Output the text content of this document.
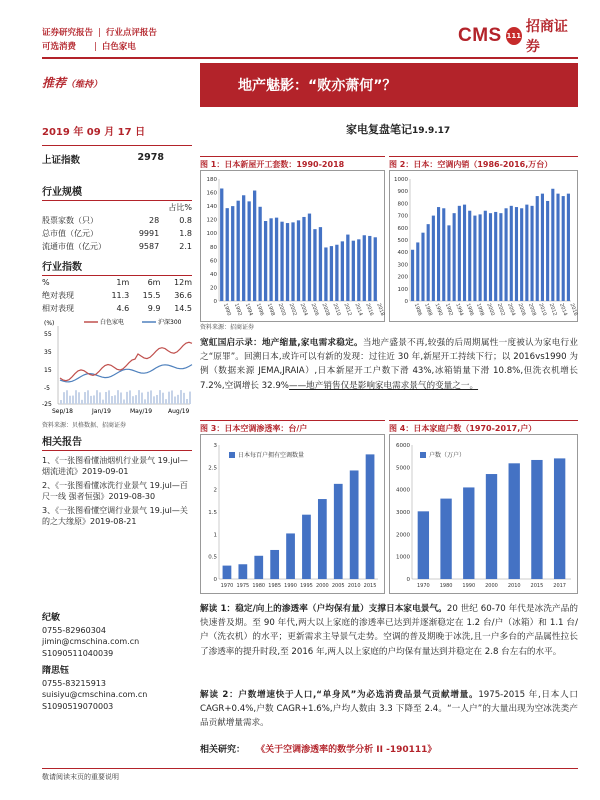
证券研究报告 | 行业点评报告
可选消费 | 白色家电
CMS 111
招商证券
推荐（维持）	地产魅影：“败亦萧何”？
2019 年 09 月 17 日	家电复盘笔记19.9.17
上证指数	2978
行业规模
		占比%
股票家数（只）	28	0.8
总市值（亿元）	9991	1.8
流通市值（亿元）	9587	2.1
行业指数
%	1m	6m	12m
绝对表现	11.3	15.5	36.6
相对表现	4.6	9.9	14.5
(%)
55
35
15
-5
-25
白色家电	沪深300
Sep/18	Jan/19	May/19	Aug/19
资料来源：贝格数据、招商证券
相关报告
1、《一张图看懂油烟机行业景气 19.jul—烟流进流》2019-09-01
2、《一张图看懂冰洗行业景气 19.jul—百尺一线 强者恒强》2019-08-30
3、《一张图看懂空调行业景气 19.jul—关的之大缘原》2019-08-21
纪敏
0755-82960304
jimin@cmschina.com.cn
S1090511040039
隋思钰
0755-83215913
suisiyu@cmschina.com.cn
S1090519070003
图 1：日本新屋开工套数：1990-2018
0
20
40
60
80
100
120
140
160
180
1990 1992 1994 1996 1998 2000 2002 2004 2006 2008 2010 2012 2014 2016 2018
资料来源：招商证券
图 2：日本：空调内销（1986-2016,万台）
0
100
200
300
400
500
600
700
800
900
1000
1986 1988 1990 1992 1994 1996 1998 2000 2002 2004 2006 2008 2010 2012 2014 2016
宽虹国启示录：地产缩量,家电需求稳定。当地产盛景不再,较强的后周期属性一度被认为家电行业之“原罪”。回溯日本,或许可以有新的发现：过往近 30 年,新屋开工持续下行；以 2016vs1990 为例（数据来源 JEMA,JRAIA）,日本新屋开工户数下滑 43%,冰箱销量下滑 10.8%,但洗衣机增长 7.2%,空调增长 32.9%——地产销售仅是影响家电需求景气的变量之一。
图 3：日本空调渗透率：台/户
0
0.5
1
1.5
2
2.5
3
1970 1975 1980 1985 1990 1995 2000 2005 2010 2015
日本每百户拥有空调数量
图 4：日本家庭户数（1970-2017,户）
0
1000
2000
3000
4000
5000
6000
1970 1980 1990 2000 2010 2015 2017
户数（万户）
解读 1：稳定/向上的渗透率（户均保有量）支撑日本家电景气。20 世纪 60-70 年代是冰洗产品的快速普及期。至 90 年代,两大以上家庭的渗透率已达到并逐渐稳定在 1.2 台/户（冰箱）和 1.1 台/户（洗衣机）的水平；更新需求主导景气走势。空调的普及期晚于冰洗,且一户多台的产品属性拉长了渗透率的提升时段,至 2016 年,两人以上家庭的户均保有量达到并稳定在 2.8 台左右的水平。
解读 2：户数增速快于人口,“单身风”为必选消费品景气贡献增量。1975-2015 年,日本人口 CAGR+0.4%,户数 CAGR+1.6%,户均人数由 3.3 下降至 2.4。“一人户”的大量出现为空冰洗类产品贡献增量需求。
相关研究： 《关于空调渗透率的数学分析 II -190111》
敬请阅读末页的重要说明
